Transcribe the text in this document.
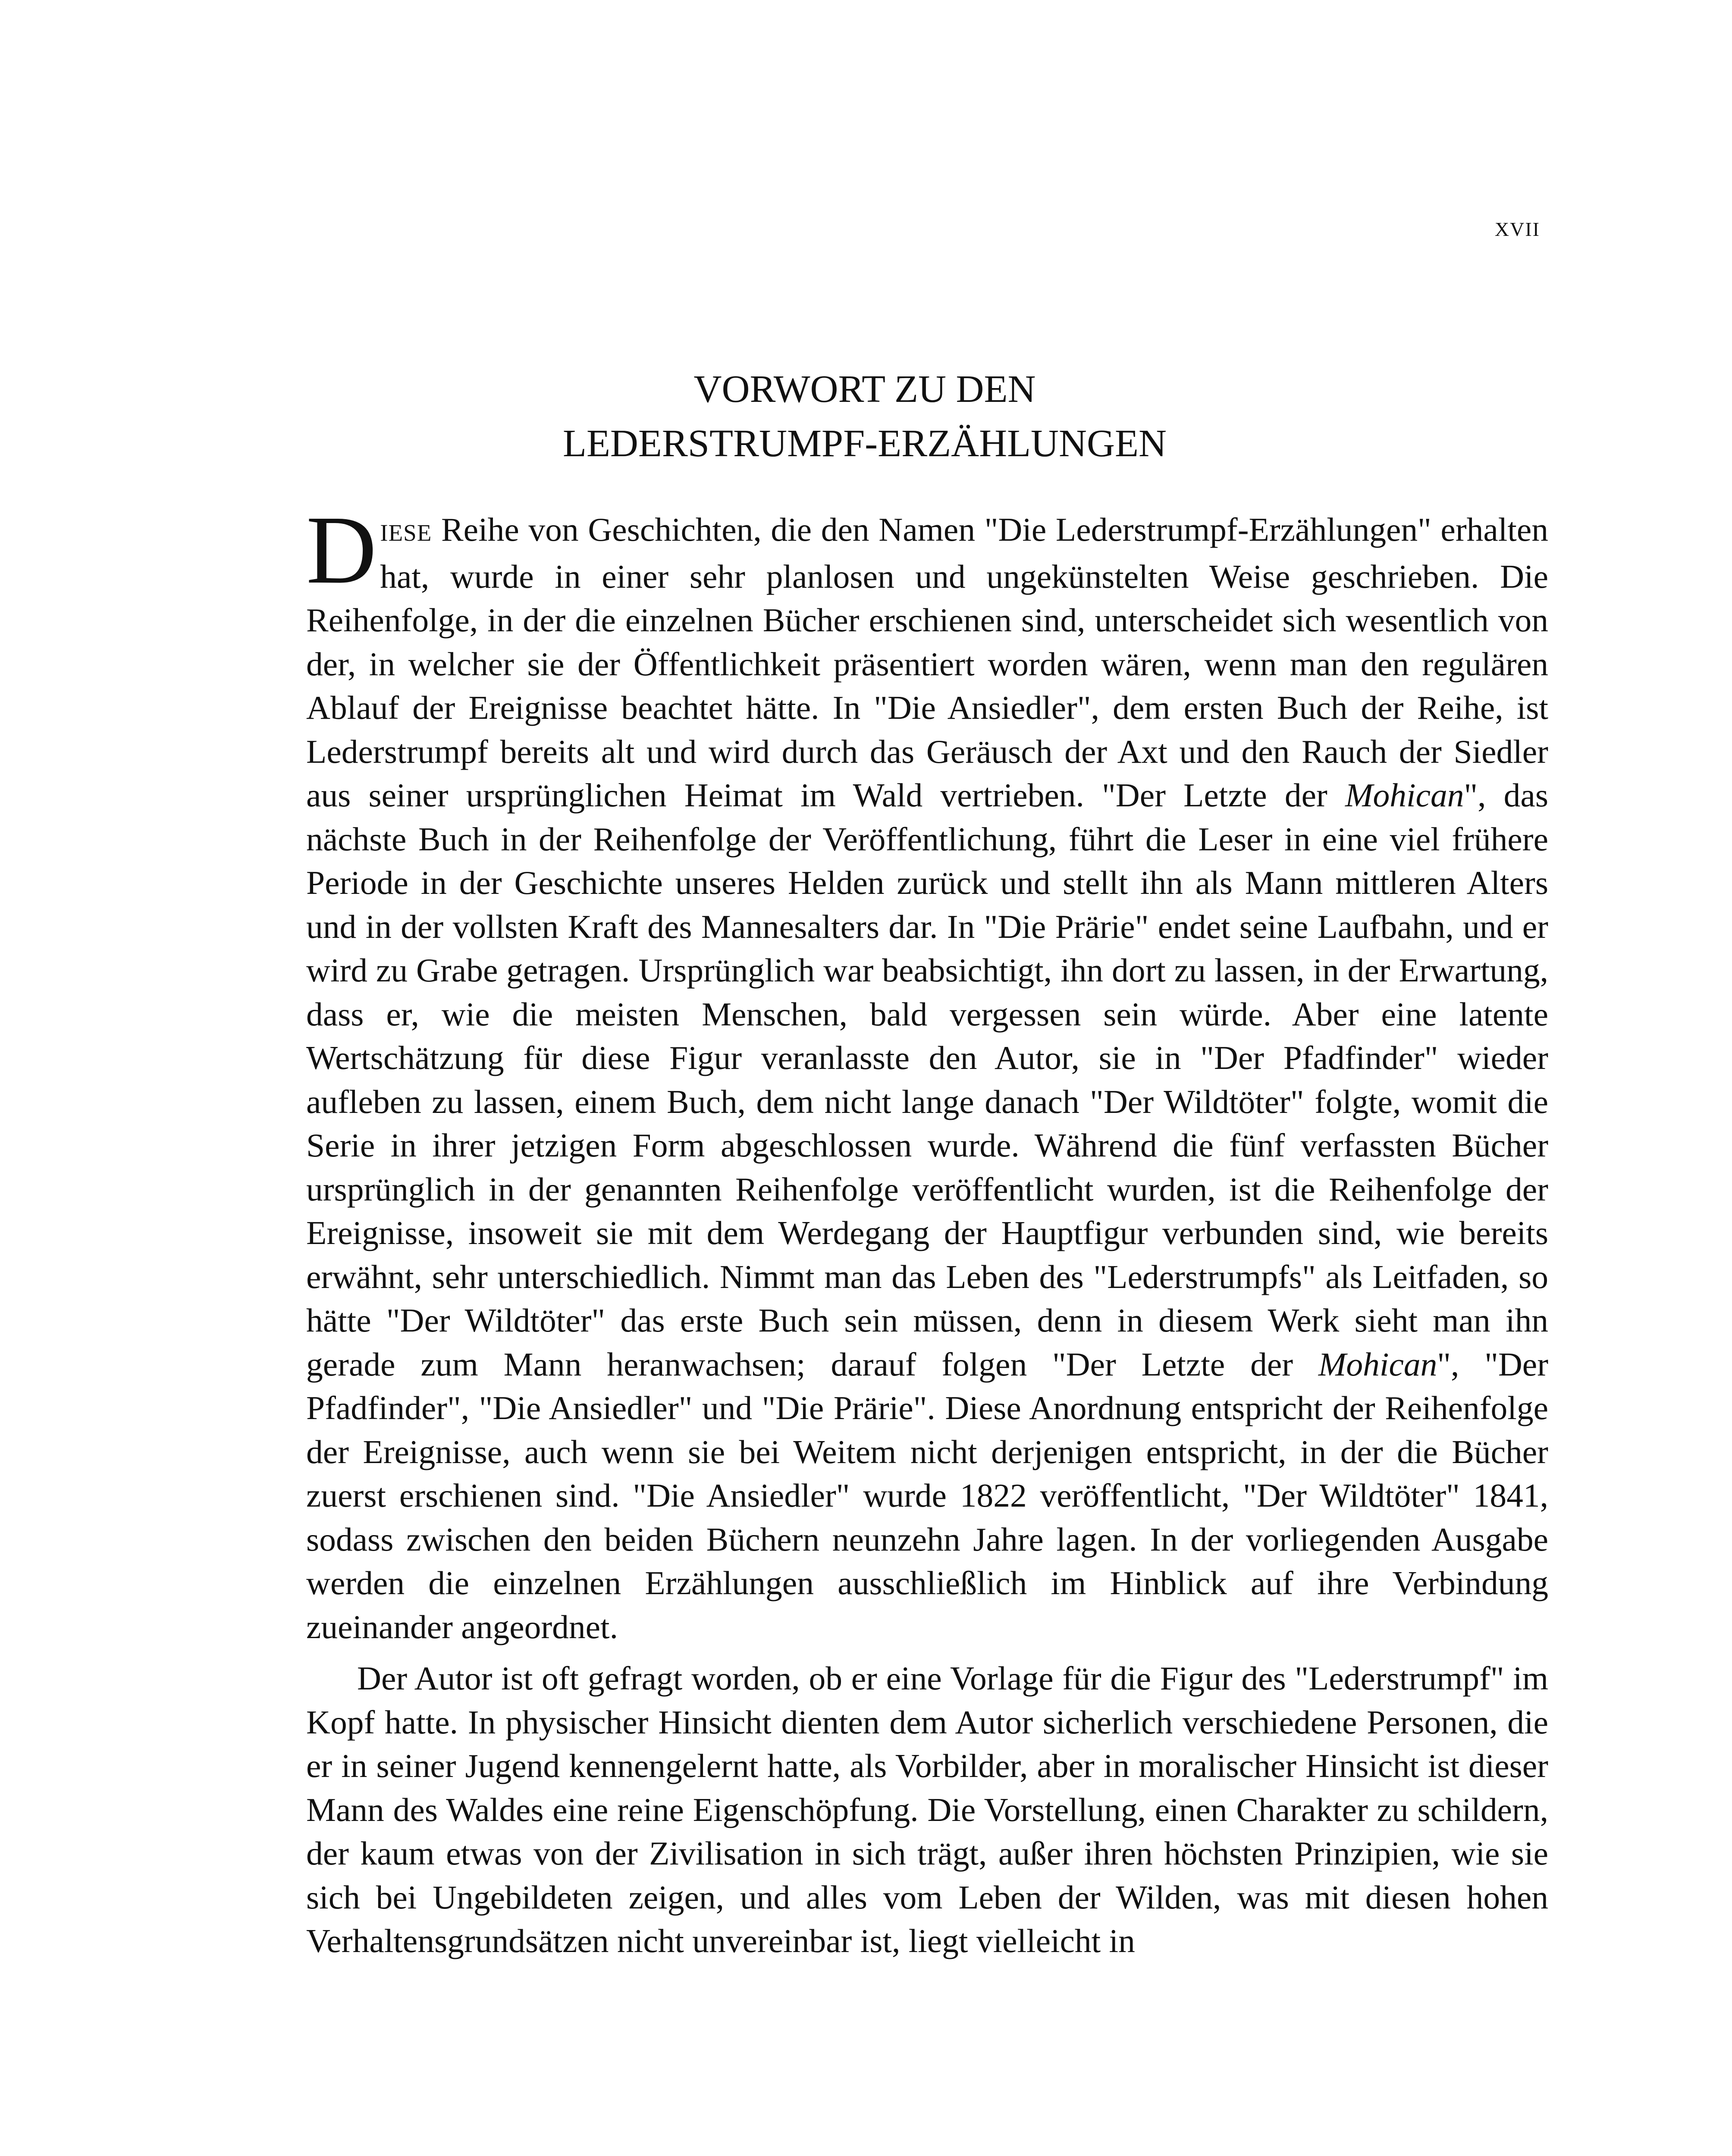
XVII
VORWORT ZU DEN
LEDERSTRUMPF-ERZÄHLUNGEN

DIESE Reihe von Geschichten, die den Namen "Die Lederstrumpf-Erzählungen" erhalten hat, wurde in einer sehr planlosen und ungekünstelten Weise geschrieben. Die Reihenfolge, in der die einzelnen Bücher erschienen sind, unterscheidet sich wesentlich von der, in welcher sie der Öffentlichkeit präsentiert worden wären, wenn man den regulären Ablauf der Ereignisse beachtet hätte. In "Die Ansiedler", dem ersten Buch der Reihe, ist Lederstrumpf bereits alt und wird durch das Geräusch der Axt und den Rauch der Siedler aus seiner ursprünglichen Heimat im Wald vertrieben. "Der Letzte der Mohican", das nächste Buch in der Reihenfolge der Veröffentlichung, führt die Leser in eine viel frühere Periode in der Geschichte unseres Helden zurück und stellt ihn als Mann mittleren Alters und in der vollsten Kraft des Mannesalters dar. In "Die Prärie" endet seine Laufbahn, und er wird zu Grabe getragen. Ursprünglich war beabsichtigt, ihn dort zu lassen, in der Erwartung, dass er, wie die meisten Menschen, bald vergessen sein würde. Aber eine latente Wertschätzung für diese Figur veranlasste den Autor, sie in "Der Pfadfinder" wieder aufleben zu lassen, einem Buch, dem nicht lange danach "Der Wildtöter" folgte, womit die Serie in ihrer jetzigen Form abgeschlossen wurde. Während die fünf verfassten Bücher ursprünglich in der genannten Reihenfolge veröffentlicht wurden, ist die Reihenfolge der Ereignisse, insoweit sie mit dem Werdegang der Hauptfigur verbunden sind, wie bereits erwähnt, sehr unterschiedlich. Nimmt man das Leben des "Lederstrumpfs" als Leitfaden, so hätte "Der Wildtöter" das erste Buch sein müssen, denn in diesem Werk sieht man ihn gerade zum Mann heranwachsen; darauf folgen "Der Letzte der Mohican", "Der Pfadfinder", "Die Ansiedler" und "Die Prärie". Diese Anordnung entspricht der Reihenfolge der Ereignisse, auch wenn sie bei Weitem nicht derjenigen entspricht, in der die Bücher zuerst erschienen sind. "Die Ansiedler" wurde 1822 veröffentlicht, "Der Wildtöter" 1841, sodass zwischen den beiden Büchern neunzehn Jahre lagen. In der vorliegenden Ausgabe werden die einzelnen Erzählungen ausschließlich im Hinblick auf ihre Verbindung zueinander angeordnet.

Der Autor ist oft gefragt worden, ob er eine Vorlage für die Figur des "Lederstrumpf" im Kopf hatte. In physischer Hinsicht dienten dem Autor sicherlich verschiedene Personen, die er in seiner Jugend kennengelernt hatte, als Vorbilder, aber in moralischer Hinsicht ist dieser Mann des Waldes eine reine Eigenschöpfung. Die Vorstellung, einen Charakter zu schildern, der kaum etwas von der Zivilisation in sich trägt, außer ihren höchsten Prinzipien, wie sie sich bei Ungebildeten zeigen, und alles vom Leben der Wilden, was mit diesen hohen Verhaltensgrundsätzen nicht unvereinbar ist, liegt vielleicht in
